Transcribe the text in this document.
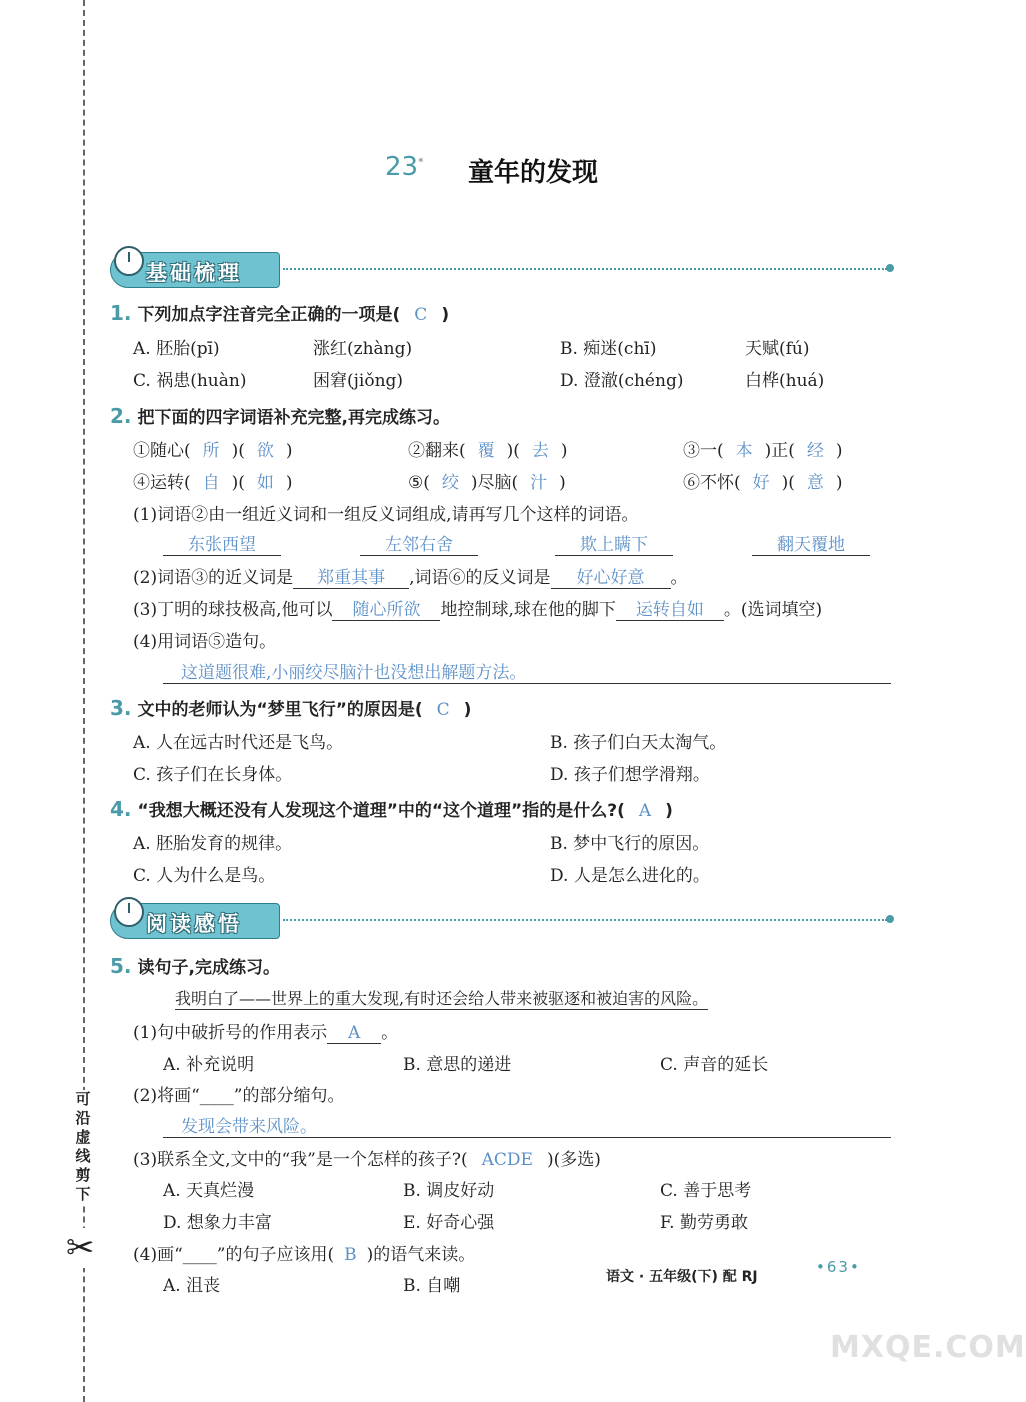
可沿虚线剪下
✂
23* 童年的发现
基础梳理
1. 下列加点字注音完全正确的一项是( C )
A. 胚胎(pī)	涨红(zhàng)	B. 痴迷(chī)	天赋(fú)
C. 祸患(huàn)	困窘(jiǒng)	D. 澄澈(chéng)	白桦(huá)
2. 把下面的四字词语补充完整,再完成练习。
①随心( 所 )( 欲 )	②翻来( 覆 )( 去 )	③一( 本 )正( 经 )
④运转( 自 )( 如 )	⑤( 绞 )尽脑( 汁 )	⑥不怀( 好 )( 意 )
(1)词语②由一组近义词和一组反义词组成,请再写几个这样的词语。
东张西望	左邻右舍	欺上瞒下	翻天覆地
(2)词语③的近义词是 郑重其事 ,词语⑥的反义词是 好心好意 。
(3)丁明的球技极高,他可以 随心所欲 地控制球,球在他的脚下 运转自如 。(选词填空)
(4)用词语⑤造句。
这道题很难,小丽绞尽脑汁也没想出解题方法。
3. 文中的老师认为“梦里飞行”的原因是( C )
A. 人在远古时代还是飞鸟。	B. 孩子们白天太淘气。
C. 孩子们在长身体。	D. 孩子们想学滑翔。
4. “我想大概还没有人发现这个道理”中的“这个道理”指的是什么?( A )
A. 胚胎发育的规律。	B. 梦中飞行的原因。
C. 人为什么是鸟。	D. 人是怎么进化的。
阅读感悟
5. 读句子,完成练习。
我明白了——世界上的重大发现,有时还会给人带来被驱逐和被迫害的风险。
(1)句中破折号的作用表示 A 。
A. 补充说明	B. 意思的递进	C. 声音的延长
(2)将画“____”的部分缩句。
发现会带来风险。
(3)联系全文,文中的“我”是一个怎样的孩子?( ACDE )(多选)
A. 天真烂漫	B. 调皮好动	C. 善于思考
D. 想象力丰富	E. 好奇心强	F. 勤劳勇敢
(4)画“____”的句子应该用( B )的语气来读。
A. 沮丧	B. 自嘲	语文 · 五年级(下) 配 RJ
•63•
MXQE.COM
